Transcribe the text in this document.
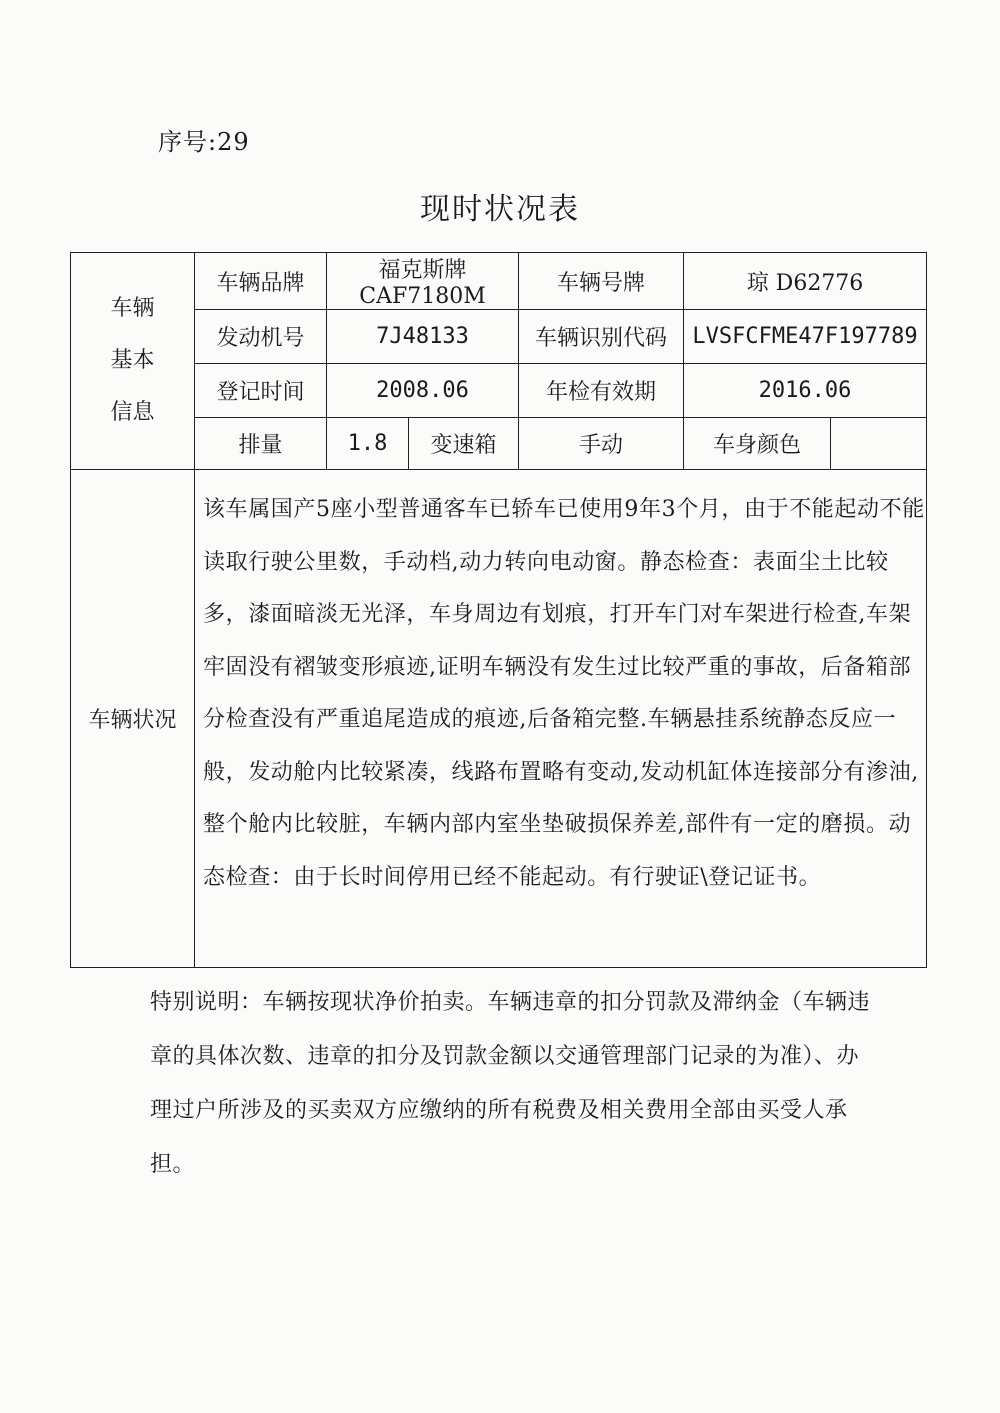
序号:29
现时状况表
车辆
基本
信息	车辆品牌	福克斯牌 CAF7180M		车辆号牌	琼 D62776	
	发动机号	7J48133		车辆识别代码	LVSFCFME47F197789	
	登记时间	2008.06		年检有效期	2016.06	
	排量	1.8	变速箱	手动	车身颜色	
车辆状况	该车属国产5座小型普通客车已轿车已使用9年3个月，由于不能起动不能读取行驶公里数，手动档,动力转向电动窗。静态检查：表面尘土比较多，漆面暗淡无光泽，车身周边有划痕，打开车门对车架进行检查,车架牢固没有褶皱变形痕迹,证明车辆没有发生过比较严重的事故，后备箱部分检查没有严重追尾造成的痕迹,后备箱完整.车辆悬挂系统静态反应一般，发动舱内比较紧凑，线路布置略有变动,发动机缸体连接部分有渗油,整个舱内比较脏，车辆内部内室坐垫破损保养差,部件有一定的磨损。动态检查：由于长时间停用已经不能起动。有行驶证\登记证书。					
特别说明：车辆按现状净价拍卖。车辆违章的扣分罚款及滞纳金（车辆违章的具体次数、违章的扣分及罚款金额以交通管理部门记录的为准）、办理过户所涉及的买卖双方应缴纳的所有税费及相关费用全部由买受人承担。
